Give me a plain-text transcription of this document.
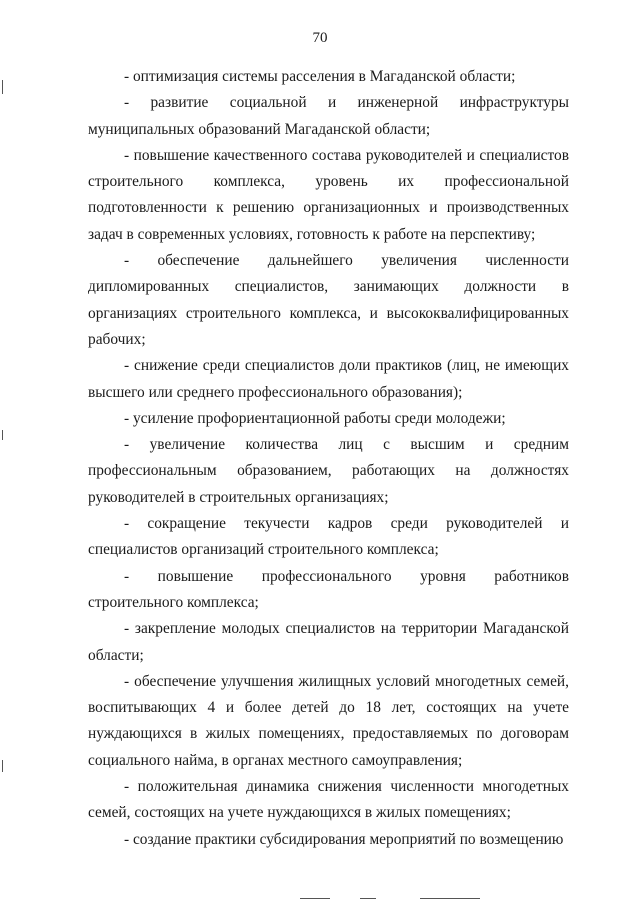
70

- оптимизация системы расселения в Магаданской области;

- развитие социальной и инженерной инфраструктуры муниципальных образований Магаданской области;

- повышение качественного состава руководителей и специалистов строительного комплекса, уровень их профессиональной подготовленности к решению организационных и производственных задач в современных условиях, готовность к работе на перспективу;

- обеспечение дальнейшего увеличения численности дипломированных специалистов, занимающих должности в организациях строительного комплекса, и высококвалифицированных рабочих;

- снижение среди специалистов доли практиков (лиц, не имеющих высшего или среднего профессионального образования);

- усиление профориентационной работы среди молодежи;

- увеличение количества лиц с высшим и средним профессиональным образованием, работающих на должностях руководителей в строительных организациях;

- сокращение текучести кадров среди руководителей и специалистов организаций строительного комплекса;

- повышение профессионального уровня работников строительного комплекса;

- закрепление молодых специалистов на территории Магаданской области;

- обеспечение улучшения жилищных условий многодетных семей, воспитывающих 4 и более детей до 18 лет, состоящих на учете нуждающихся в жилых помещениях, предоставляемых по договорам социального найма, в органах местного самоуправления;

- положительная динамика снижения численности многодетных семей, состоящих на учете нуждающихся в жилых помещениях;

- создание практики субсидирования мероприятий по возмещению
